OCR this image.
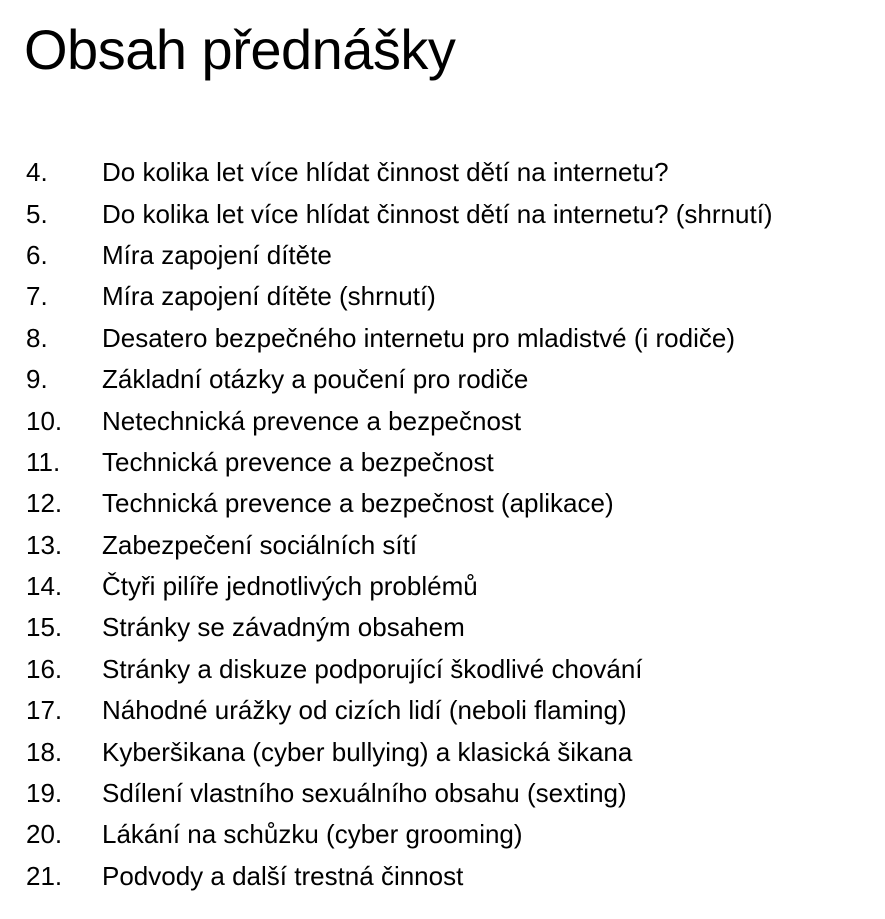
Obsah přednášky
4.	Do kolika let více hlídat činnost dětí na internetu?
5.	Do kolika let více hlídat činnost dětí na internetu? (shrnutí)
6.	Míra zapojení dítěte
7.	Míra zapojení dítěte (shrnutí)
8.	Desatero bezpečného internetu pro mladistvé (i rodiče)
9.	Základní otázky a poučení pro rodiče
10.	Netechnická prevence a bezpečnost
11.	Technická prevence a bezpečnost
12.	Technická prevence a bezpečnost (aplikace)
13.	Zabezpečení sociálních sítí
14.	Čtyři pilíře jednotlivých problémů
15.	Stránky se závadným obsahem
16.	Stránky a diskuze podporující škodlivé chování
17.	Náhodné urážky od cizích lidí (neboli flaming)
18.	Kyberšikana (cyber bullying) a klasická šikana
19.	Sdílení vlastního sexuálního obsahu (sexting)
20.	Lákání na schůzku (cyber grooming)
21.	Podvody a další trestná činnost
